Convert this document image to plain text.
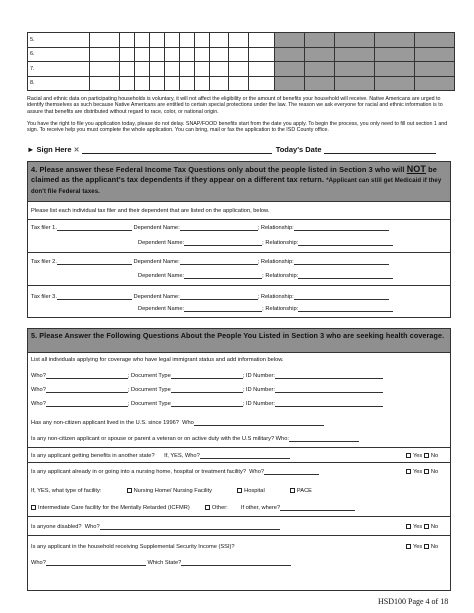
5.															
6.															
7.															
8.															
Racial and ethnic data on participating households is voluntary, it will not affect the eligibility or the amount of benefits your household will receive. Native Americans are urged to identify themselves as such because Native Americans are entitled to certain special protections under the law. The reason we ask everyone for racial and ethnic information is to assure that benefits are distributed without regard to race, color, or national origin.
You have the right to file you application today, please do not delay. SNAP/FOOD benefits start from the date you apply. To begin the process, you only need to fill out section 1 and sign. To receive help you must complete the whole application. You can bring, mail or fax the application to the ISD County office.
► Sign Here ✕	Today's Date
4. Please answer these Federal Income Tax Questions only about the people listed in Section 3 who will NOT be claimed as the applicant's tax dependents if they appear on a different tax return. *Applicant can still get Medicaid if they don't file Federal taxes.
Please list each individual tax filer and their dependent that are listed on the application, below.
Tax filer 1.	Dependent Name:	; Relationship:
Dependent Name:	; Relationship:
Tax filer 2.	Dependent Name:	; Relationship:
Dependent Name:	; Relationship:
Tax filer 3.	Dependent Name:	; Relationship:
Dependent Name:	; Relationship:
5. Please Answer the Following Questions About the People You Listed in Section 3 who are seeking health coverage.
List all individuals applying for coverage who have legal immigrant status and add information below.
Who?	; Document Type	; ID Number:
Who?	; Document Type	; ID Number:
Who?	; Document Type	; ID Number:
Has any non-citizen applicant lived in the U.S. since 1996? Who
Is any non-citizen applicant or spouse or parent a veteran or on active duty with the U.S military? Who:
Is any applicant getting benefits in another state? If, YES, Who?	Yes No
Is any applicant already in or going into a nursing home, hospital or treatment facility? Who?	Yes No
If, YES, what type of facility:	Nursing Home/ Nursing Facility	Hospital	PACE
Intermediate Care facility for the Mentally Retarded (ICFMR)	Other: If other, where?
Is anyone disabled? Who?	Yes No
Is any applicant in the household receiving Supplemental Security Income (SSI)?	Yes No
Who?	Which State?
HSD100 Page 4 of 18
